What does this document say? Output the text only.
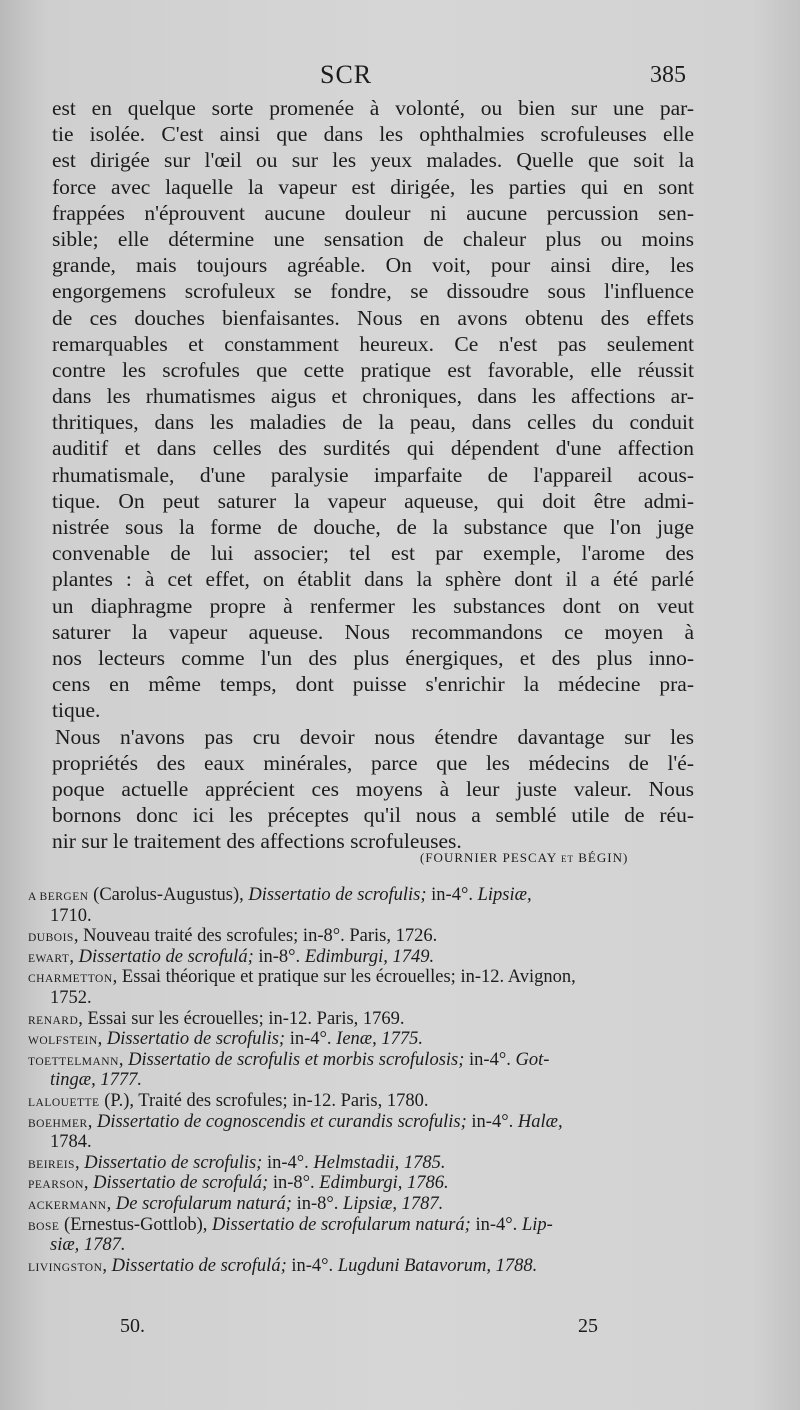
SCR	385
est en quelque sorte promenée à volonté, ou bien sur une par-
tie isolée. C'est ainsi que dans les ophthalmies scrofuleuses elle
est dirigée sur l'œil ou sur les yeux malades. Quelle que soit la
force avec laquelle la vapeur est dirigée, les parties qui en sont
frappées n'éprouvent aucune douleur ni aucune percussion sen-
sible; elle détermine une sensation de chaleur plus ou moins
grande, mais toujours agréable. On voit, pour ainsi dire, les
engorgemens scrofuleux se fondre, se dissoudre sous l'influence
de ces douches bienfaisantes. Nous en avons obtenu des effets
remarquables et constamment heureux. Ce n'est pas seulement
contre les scrofules que cette pratique est favorable, elle réussit
dans les rhumatismes aigus et chroniques, dans les affections ar-
thritiques, dans les maladies de la peau, dans celles du conduit
auditif et dans celles des surdités qui dépendent d'une affection
rhumatismale, d'une paralysie imparfaite de l'appareil acous-
tique. On peut saturer la vapeur aqueuse, qui doit être admi-
nistrée sous la forme de douche, de la substance que l'on juge
convenable de lui associer; tel est par exemple, l'arome des
plantes : à cet effet, on établit dans la sphère dont il a été parlé
un diaphragme propre à renfermer les substances dont on veut
saturer la vapeur aqueuse. Nous recommandons ce moyen à
nos lecteurs comme l'un des plus énergiques, et des plus inno-
cens en même temps, dont puisse s'enrichir la médecine pra-
tique.
Nous n'avons pas cru devoir nous étendre davantage sur les
propriétés des eaux minérales, parce que les médecins de l'é-
poque actuelle apprécient ces moyens à leur juste valeur. Nous
bornons donc ici les préceptes qu'il nous a semblé utile de réu-
nir sur le traitement des affections scrofuleuses.
(FOURNIER PESCAY et BÉGIN)
A BERGEN (Carolus-Augustus), Dissertatio de scrofulis; in-4°. Lipsiæ,
1710.
DUBOIS, Nouveau traité des scrofules; in-8°. Paris, 1726.
EWART, Dissertatio de scrofulá; in-8°. Edimburgi, 1749.
CHARMETTON, Essai théorique et pratique sur les écrouelles; in-12. Avignon,
1752.
RENARD, Essai sur les écrouelles; in-12. Paris, 1769.
WOLFSTEIN, Dissertatio de scrofulis; in-4°. Ienæ, 1775.
TOETTELMANN, Dissertatio de scrofulis et morbis scrofulosis; in-4°. Got-
tingæ, 1777.
LALOUETTE (P.), Traité des scrofules; in-12. Paris, 1780.
BOEHMER, Dissertatio de cognoscendis et curandis scrofulis; in-4°. Halæ,
1784.
BEIREIS, Dissertatio de scrofulis; in-4°. Helmstadii, 1785.
PEARSON, Dissertatio de scrofulá; in-8°. Edimburgi, 1786.
ACKERMANN, De scrofularum naturá; in-8°. Lipsiæ, 1787.
BOSE (Ernestus-Gottlob), Dissertatio de scrofularum naturá; in-4°. Lip-
siæ, 1787.
LIVINGSTON, Dissertatio de scrofulá; in-4°. Lugduni Batavorum, 1788.
50.	25
